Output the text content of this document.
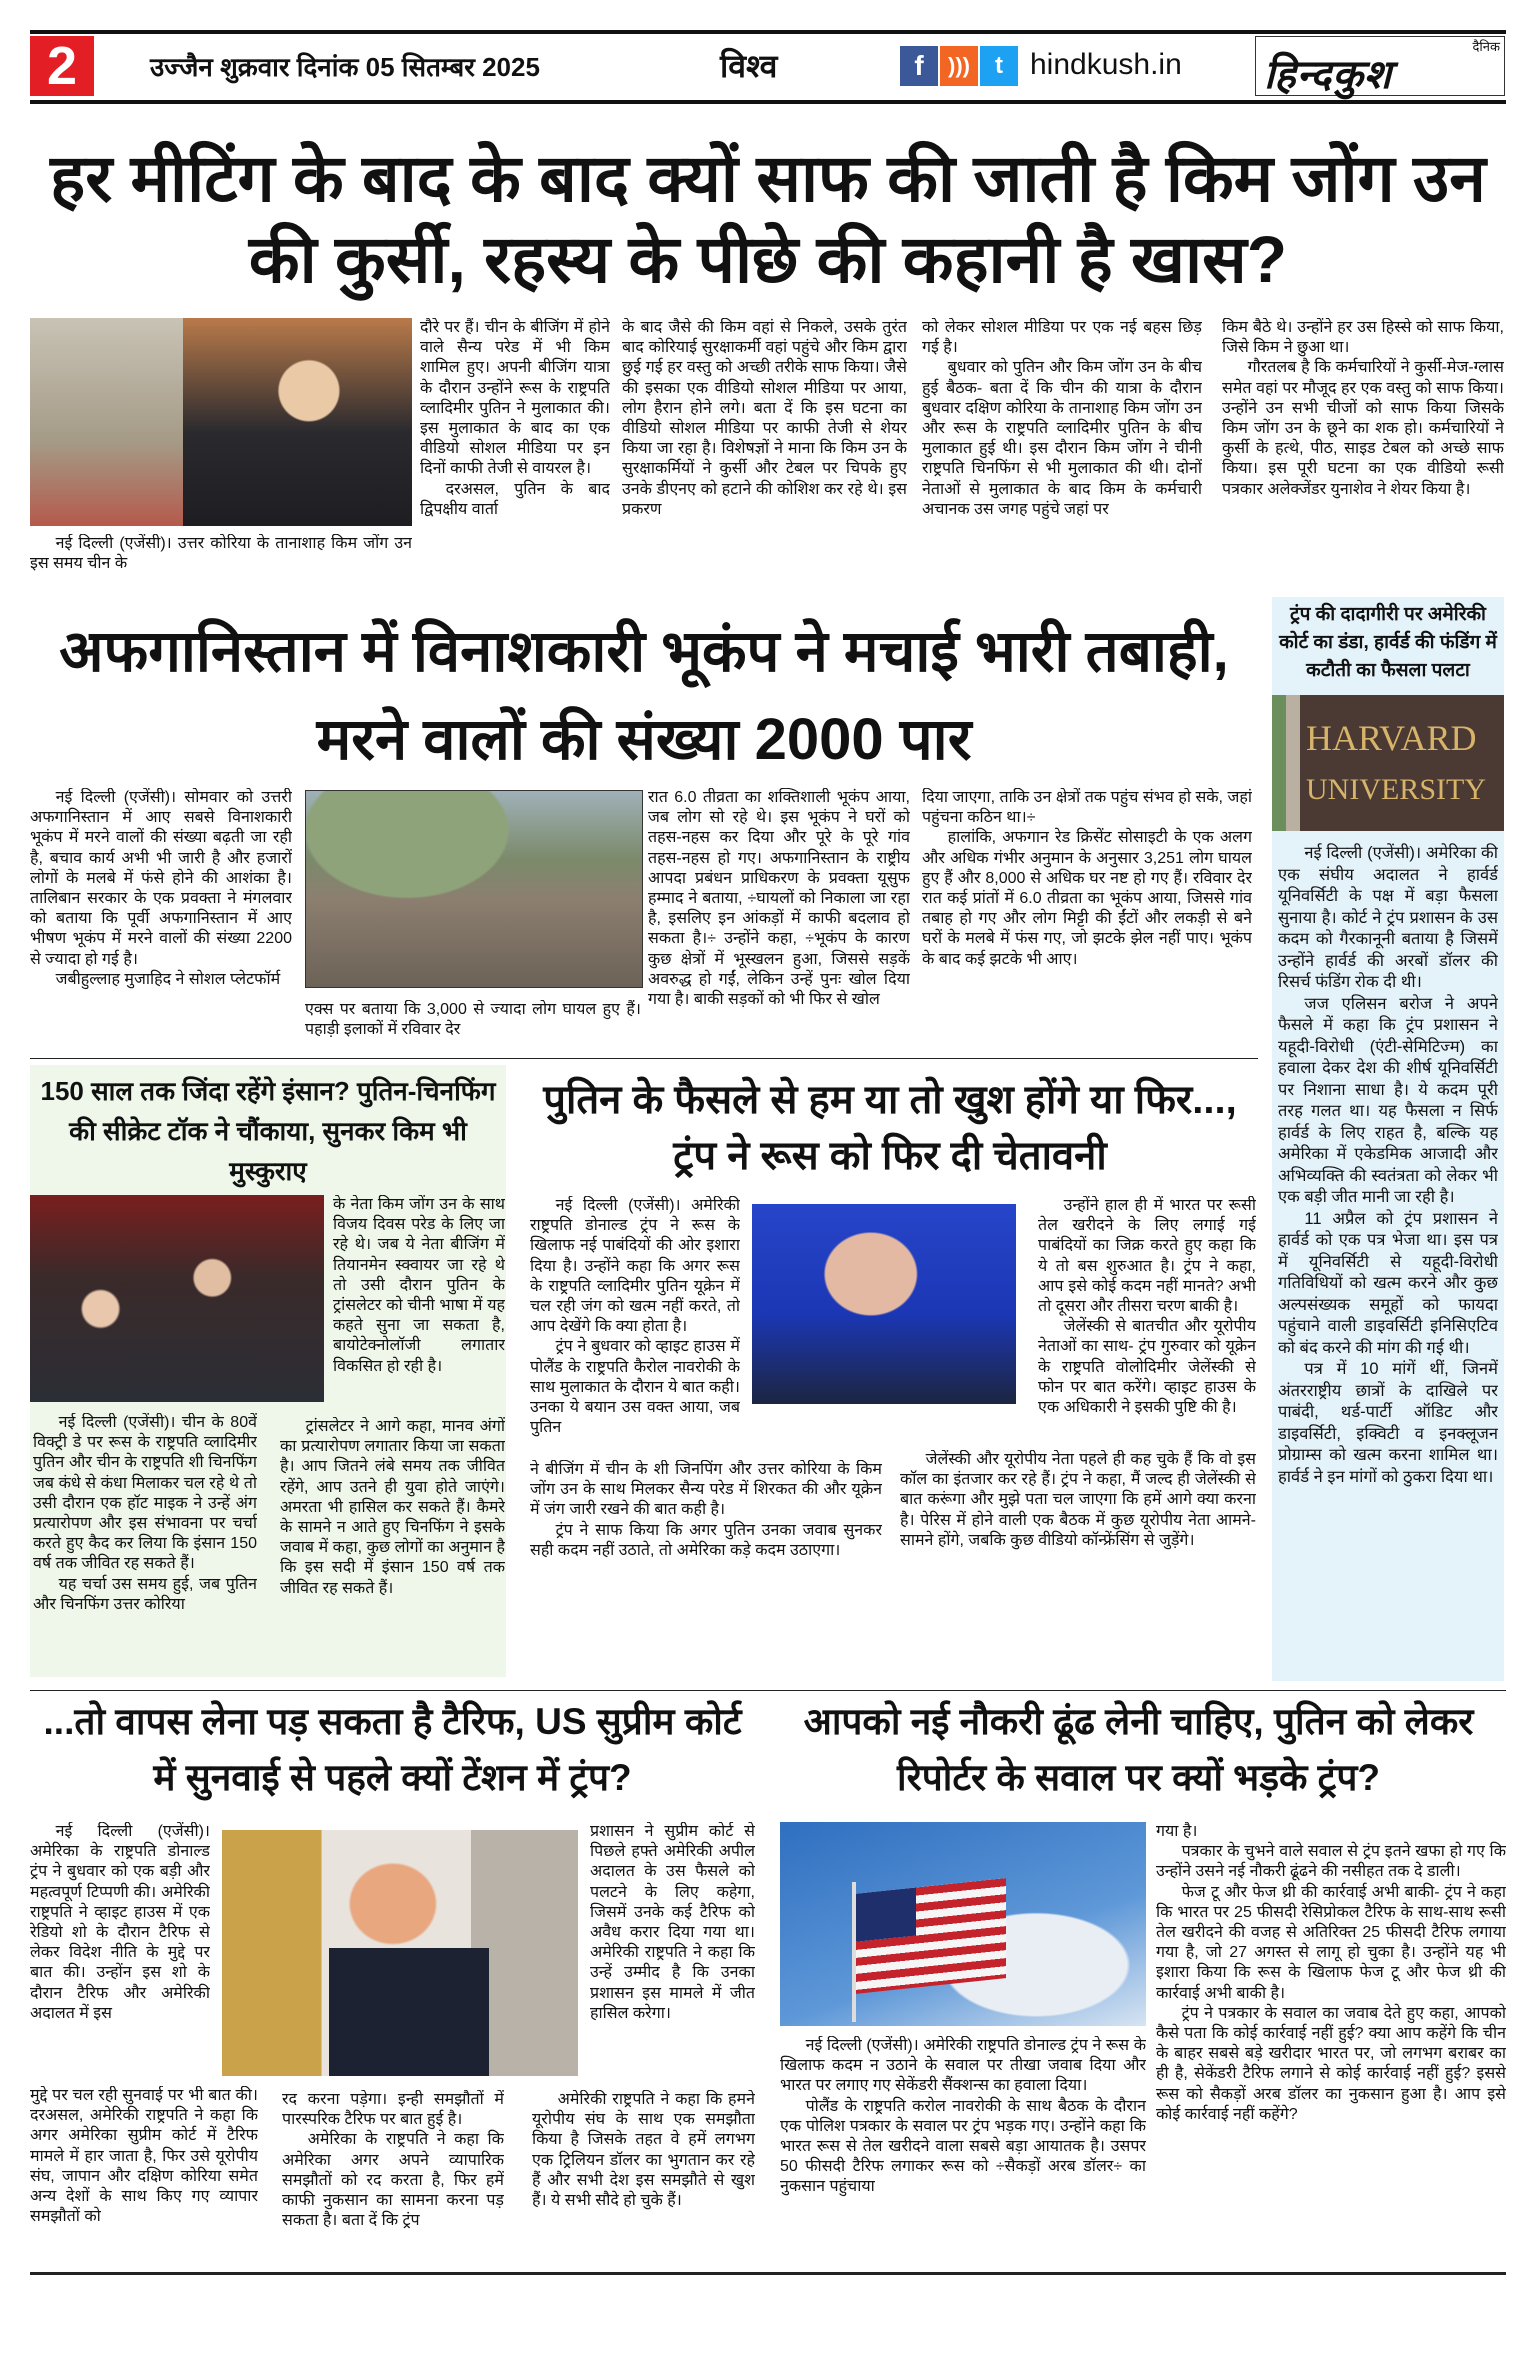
2	उज्जैन शुक्रवार दिनांक 05 सितम्बर 2025	विश्व	f	)))	t hindkush.in
दैनिक
हिन्दकुश
हर मीटिंग के बाद के बाद क्यों साफ की जाती है किम जोंग उन की कुर्सी, रहस्य के पीछे की कहानी है खास?

नई दिल्ली (एजेंसी)। उत्तर कोरिया के तानाशाह किम जोंग उन इस समय चीन के

दौरे पर हैं। चीन के बीजिंग में होने वाले सैन्य परेड में भी किम शामिल हुए। अपनी बीजिंग यात्रा के दौरान उन्होंने रूस के राष्ट्रपति व्लादिमीर पुतिन ने मुलाकात की। इस मुलाकात के बाद का एक वीडियो सोशल मीडिया पर इन दिनों काफी तेजी से वायरल है।

दरअसल, पुतिन के बाद द्विपक्षीय वार्ता

के बाद जैसे की किम वहां से निकले, उसके तुरंत बाद कोरियाई सुरक्षाकर्मी वहां पहुंचे और किम द्वारा छुई गई हर वस्तु को अच्छी तरीके साफ किया। जैसे की इसका एक वीडियो सोशल मीडिया पर आया, लोग हैरान होने लगे। बता दें कि इस घटना का वीडियो सोशल मीडिया पर काफी तेजी से शेयर किया जा रहा है। विशेषज्ञों ने माना कि किम उन के सुरक्षाकर्मियों ने कुर्सी और टेबल पर चिपके हुए उनके डीएनए को हटाने की कोशिश कर रहे थे। इस प्रकरण

को लेकर सोशल मीडिया पर एक नई बहस छिड़ गई है।

बुधवार को पुतिन और किम जोंग उन के बीच हुई बैठक- बता दें कि चीन की यात्रा के दौरान बुधवार दक्षिण कोरिया के तानाशाह किम जोंग उन और रूस के राष्ट्रपति व्लादिमीर पुतिन के बीच मुलाकात हुई थी। इस दौरान किम जोंग ने चीनी राष्ट्रपति चिनफिंग से भी मुलाकात की थी। दोनों नेताओं से मुलाकात के बाद किम के कर्मचारी अचानक उस जगह पहुंचे जहां पर

किम बैठे थे। उन्होंने हर उस हिस्से को साफ किया, जिसे किम ने छुआ था।

गौरतलब है कि कर्मचारियों ने कुर्सी-मेज-ग्लास समेत वहां पर मौजूद हर एक वस्तु को साफ किया। उन्होंने उन सभी चीजों को साफ किया जिसके किम जोंग उन के छूने का शक हो। कर्मचारियों ने कुर्सी के हत्थे, पीठ, साइड टेबल को अच्छे साफ किया। इस पूरी घटना का एक वीडियो रूसी पत्रकार अलेक्जेंडर युनाशेव ने शेयर किया है।

अफगानिस्तान में विनाशकारी भूकंप ने मचाई भारी तबाही, मरने वालों की संख्या 2000 पार

नई दिल्ली (एजेंसी)। सोमवार को उत्तरी अफगानिस्तान में आए सबसे विनाशकारी भूकंप में मरने वालों की संख्या बढ़ती जा रही है, बचाव कार्य अभी भी जारी है और हजारों लोगों के मलबे में फंसे होने की आशंका है। तालिबान सरकार के एक प्रवक्ता ने मंगलवार को बताया कि पूर्वी अफगानिस्तान में आए भीषण भूकंप में मरने वालों की संख्या 2200 से ज्यादा हो गई है।

जबीहुल्लाह मुजाहिद ने सोशल प्लेटफॉर्म

एक्स पर बताया कि 3,000 से ज्यादा लोग घायल हुए हैं। पहाड़ी इलाकों में रविवार देर

रात 6.0 तीव्रता का शक्तिशाली भूकंप आया, जब लोग सो रहे थे। इस भूकंप ने घरों को तहस-नहस कर दिया और पूरे के पूरे गांव तहस-नहस हो गए। अफगानिस्तान के राष्ट्रीय आपदा प्रबंधन प्राधिकरण के प्रवक्ता यूसुफ हम्माद ने बताया, ÷घायलों को निकाला जा रहा है, इसलिए इन आंकड़ों में काफी बदलाव हो सकता है।÷ उन्होंने कहा, ÷भूकंप के कारण कुछ क्षेत्रों में भूस्खलन हुआ, जिससे सड़कें अवरुद्ध हो गईं, लेकिन उन्हें पुनः खोल दिया गया है। बाकी सड़कों को भी फिर से खोल

दिया जाएगा, ताकि उन क्षेत्रों तक पहुंच संभव हो सके, जहां पहुंचना कठिन था।÷

हालांकि, अफगान रेड क्रिसेंट सोसाइटी के एक अलग और अधिक गंभीर अनुमान के अनुसार 3,251 लोग घायल हुए हैं और 8,000 से अधिक घर नष्ट हो गए हैं। रविवार देर रात कई प्रांतों में 6.0 तीव्रता का भूकंप आया, जिससे गांव तबाह हो गए और लोग मिट्टी की ईंटों और लकड़ी से बने घरों के मलबे में फंस गए, जो झटके झेल नहीं पाए। भूकंप के बाद कई झटके भी आए।

ट्रंप की दादागीरी पर अमेरिकी कोर्ट का डंडा, हार्वर्ड की फंडिंग में कटौती का फैसला पलटा
HARVARD
UNIVERSITY

नई दिल्ली (एजेंसी)। अमेरिका की एक संघीय अदालत ने हार्वर्ड यूनिवर्सिटी के पक्ष में बड़ा फैसला सुनाया है। कोर्ट ने ट्रंप प्रशासन के उस कदम को गैरकानूनी बताया है जिसमें उन्होंने हार्वर्ड की अरबों डॉलर की रिसर्च फंडिंग रोक दी थी।

जज एलिसन बरोज ने अपने फैसले में कहा कि ट्रंप प्रशासन ने यहूदी-विरोधी (एंटी-सेमिटिज्म) का हवाला देकर देश की शीर्ष यूनिवर्सिटी पर निशाना साधा है। ये कदम पूरी तरह गलत था। यह फैसला न सिर्फ हार्वर्ड के लिए राहत है, बल्कि यह अमेरिका में एकेडमिक आजादी और अभिव्यक्ति की स्वतंत्रता को लेकर भी एक बड़ी जीत मानी जा रही है।

11 अप्रैल को ट्रंप प्रशासन ने हार्वर्ड को एक पत्र भेजा था। इस पत्र में यूनिवर्सिटी से यहूदी-विरोधी गतिविधियों को खत्म करने और कुछ अल्पसंख्यक समूहों को फायदा पहुंचाने वाली डाइवर्सिटी इनिसिएटिव को बंद करने की मांग की गई थी।

पत्र में 10 मांगें थीं, जिनमें अंतरराष्ट्रीय छात्रों के दाखिले पर पाबंदी, थर्ड-पार्टी ऑडिट और डाइवर्सिटी, इक्विटी व इनक्लूजन प्रोग्राम्स को खत्म करना शामिल था। हार्वर्ड ने इन मांगों को ठुकरा दिया था।

150 साल तक जिंदा रहेंगे इंसान? पुतिन-चिनफिंग की सीक्रेट टॉक ने चौंकाया, सुनकर किम भी मुस्कुराए

के नेता किम जोंग उन के साथ विजय दिवस परेड के लिए जा रहे थे। जब ये नेता बीजिंग में तियानमेन स्क्वायर जा रहे थे तो उसी दौरान पुतिन के ट्रांसलेटर को चीनी भाषा में यह कहते सुना जा सकता है, बायोटेक्नोलॉजी लगातार विकसित हो रही है।

नई दिल्ली (एजेंसी)। चीन के 80वें विक्ट्री डे पर रूस के राष्ट्रपति व्लादिमीर पुतिन और चीन के राष्ट्रपति शी चिनफिंग जब कंधे से कंधा मिलाकर चल रहे थे तो उसी दौरान एक हॉट माइक ने उन्हें अंग प्रत्यारोपण और इस संभावना पर चर्चा करते हुए कैद कर लिया कि इंसान 150 वर्ष तक जीवित रह सकते हैं।

यह चर्चा उस समय हुई, जब पुतिन और चिनफिंग उत्तर कोरिया

ट्रांसलेटर ने आगे कहा, मानव अंगों का प्रत्यारोपण लगातार किया जा सकता है। आप जितने लंबे समय तक जीवित रहेंगे, आप उतने ही युवा होते जाएंगे। अमरता भी हासिल कर सकते हैं। कैमरे के सामने न आते हुए चिनफिंग ने इसके जवाब में कहा, कुछ लोगों का अनुमान है कि इस सदी में इंसान 150 वर्ष तक जीवित रह सकते हैं।

पुतिन के फैसले से हम या तो खुश होंगे या फिर..., ट्रंप ने रूस को फिर दी चेतावनी

नई दिल्ली (एजेंसी)। अमेरिकी राष्ट्रपति डोनाल्ड ट्रंप ने रूस के खिलाफ नई पाबंदियों की ओर इशारा दिया है। उन्होंने कहा कि अगर रूस के राष्ट्रपति व्लादिमीर पुतिन यूक्रेन में चल रही जंग को खत्म नहीं करते, तो आप देखेंगे कि क्या होता है।

ट्रंप ने बुधवार को व्हाइट हाउस में पोलैंड के राष्ट्रपति कैरोल नावरोकी के साथ मुलाकात के दौरान ये बात कही। उनका ये बयान उस वक्त आया, जब पुतिन

उन्होंने हाल ही में भारत पर रूसी तेल खरीदने के लिए लगाई गई पाबंदियों का जिक्र करते हुए कहा कि ये तो बस शुरुआत है। ट्रंप ने कहा, आप इसे कोई कदम नहीं मानते? अभी तो दूसरा और तीसरा चरण बाकी है।

जेलेंस्की से बातचीत और यूरोपीय नेताओं का साथ- ट्रंप गुरुवार को यूक्रेन के राष्ट्रपति वोलोदिमीर जेलेंस्की से फोन पर बात करेंगे। व्हाइट हाउस के एक अधिकारी ने इसकी पुष्टि की है।

ने बीजिंग में चीन के शी जिनपिंग और उत्तर कोरिया के किम जोंग उन के साथ मिलकर सैन्य परेड में शिरकत की और यूक्रेन में जंग जारी रखने की बात कही है।

ट्रंप ने साफ किया कि अगर पुतिन उनका जवाब सुनकर सही कदम नहीं उठाते, तो अमेरिका कड़े कदम उठाएगा।

जेलेंस्की और यूरोपीय नेता पहले ही कह चुके हैं कि वो इस कॉल का इंतजार कर रहे हैं। ट्रंप ने कहा, मैं जल्द ही जेलेंस्की से बात करूंगा और मुझे पता चल जाएगा कि हमें आगे क्या करना है। पेरिस में होने वाली एक बैठक में कुछ यूरोपीय नेता आमने-सामने होंगे, जबकि कुछ वीडियो कॉन्फ्रेंसिंग से जुड़ेंगे।

...तो वापस लेना पड़ सकता है टैरिफ, US सुप्रीम कोर्ट में सुनवाई से पहले क्यों टेंशन में ट्रंप?

नई दिल्ली (एजेंसी)। अमेरिका के राष्ट्रपति डोनाल्ड ट्रंप ने बुधवार को एक बड़ी और महत्वपूर्ण टिप्पणी की। अमेरिकी राष्ट्रपति ने व्हाइट हाउस में एक रेडियो शो के दौरान टैरिफ से लेकर विदेश नीति के मुद्दे पर बात की। उन्होंन इस शो के दौरान टैरिफ और अमेरिकी अदालत में इस

मुद्दे पर चल रही सुनवाई पर भी बात की। दरअसल, अमेरिकी राष्ट्रपति ने कहा कि अगर अमेरिका सुप्रीम कोर्ट में टैरिफ मामले में हार जाता है, फिर उसे यूरोपीय संघ, जापान और दक्षिण कोरिया समेत अन्य देशों के साथ किए गए व्यापार समझौतों को

रद करना पड़ेगा। इन्ही समझौतों में पारस्परिक टैरिफ पर बात हुई है।

अमेरिका के राष्ट्रपति ने कहा कि अमेरिका अगर अपने व्यापारिक समझौतों को रद करता है, फिर हमें काफी नुकसान का सामना करना पड़ सकता है। बता दें कि ट्रंप

प्रशासन ने सुप्रीम कोर्ट से पिछले हफ्ते अमेरिकी अपील अदालत के उस फैसले को पलटने के लिए कहेगा, जिसमें उनके कई टैरिफ को अवैध करार दिया गया था। अमेरिकी राष्ट्रपति ने कहा कि उन्हें उम्मीद है कि उनका प्रशासन इस मामले में जीत हासिल करेगा।

अमेरिकी राष्ट्रपति ने कहा कि हमने यूरोपीय संघ के साथ एक समझौता किया है जिसके तहत वे हमें लगभग एक ट्रिलियन डॉलर का भुगतान कर रहे हैं और सभी देश इस समझौते से खुश हैं। ये सभी सौदे हो चुके हैं।

आपको नई नौकरी ढूंढ लेनी चाहिए, पुतिन को लेकर रिपोर्टर के सवाल पर क्यों भड़के ट्रंप?

नई दिल्ली (एजेंसी)। अमेरिकी राष्ट्रपति डोनाल्ड ट्रंप ने रूस के खिलाफ कदम न उठाने के सवाल पर तीखा जवाब दिया और भारत पर लगाए गए सेकेंडरी सैंक्शन्स का हवाला दिया।

पोलैंड के राष्ट्रपति करोल नावरोकी के साथ बैठक के दौरान एक पोलिश पत्रकार के सवाल पर ट्रंप भड़क गए। उन्होंने कहा कि भारत रूस से तेल खरीदने वाला सबसे बड़ा आयातक है। उसपर 50 फीसदी टैरिफ लगाकर रूस को ÷सैकड़ों अरब डॉलर÷ का नुकसान पहुंचाया

गया है।

पत्रकार के चुभने वाले सवाल से ट्रंप इतने खफा हो गए कि उन्होंने उसने नई नौकरी ढूंढने की नसीहत तक दे डाली।

फेज टू और फेज थ्री की कार्रवाई अभी बाकी- ट्रंप ने कहा कि भारत पर 25 फीसदी रेसिप्रोकल टैरिफ के साथ-साथ रूसी तेल खरीदने की वजह से अतिरिक्त 25 फीसदी टैरिफ लगाया गया है, जो 27 अगस्त से लागू हो चुका है। उन्होंने यह भी इशारा किया कि रूस के खिलाफ फेज टू और फेज थ्री की कार्रवाई अभी बाकी है।

ट्रंप ने पत्रकार के सवाल का जवाब देते हुए कहा, आपको कैसे पता कि कोई कार्रवाई नहीं हुई? क्या आप कहेंगे कि चीन के बाहर सबसे बड़े खरीदार भारत पर, जो लगभग बराबर का ही है, सेकेंडरी टैरिफ लगाने से कोई कार्रवाई नहीं हुई? इससे रूस को सैकड़ों अरब डॉलर का नुकसान हुआ है। आप इसे कोई कार्रवाई नहीं कहेंगे?
